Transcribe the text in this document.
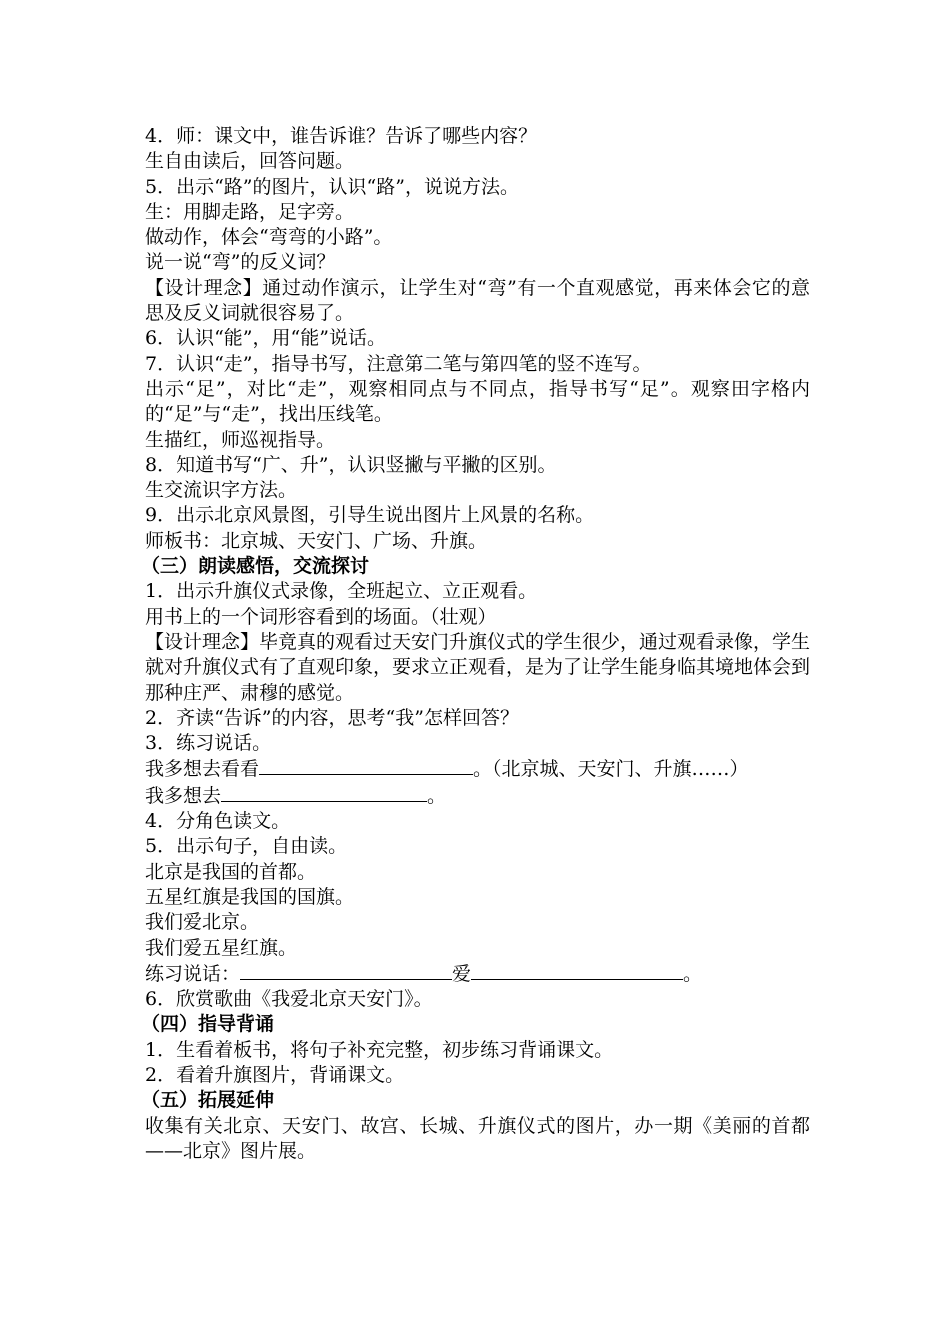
4．师：课文中，谁告诉谁？告诉了哪些内容？

生自由读后，回答问题。

5．出示“路”的图片，认识“路”，说说方法。

生：用脚走路，足字旁。

做动作，体会“弯弯的小路”。

说一说“弯”的反义词？

【设计理念】通过动作演示，让学生对“弯”有一个直观感觉，再来体会它的意思及反义词就很容易了。

6．认识“能”，用“能”说话。

7．认识“走”，指导书写，注意第二笔与第四笔的竖不连写。

出示“足”，对比“走”，观察相同点与不同点，指导书写“足”。观察田字格内的“足”与“走”，找出压线笔。

生描红，师巡视指导。

8．知道书写“广、升”，认识竖撇与平撇的区别。

生交流识字方法。

9．出示北京风景图，引导生说出图片上风景的名称。

师板书：北京城、天安门、广场、升旗。

（三）朗读感悟，交流探讨

1．出示升旗仪式录像，全班起立、立正观看。

用书上的一个词形容看到的场面。（壮观）

【设计理念】毕竟真的观看过天安门升旗仪式的学生很少，通过观看录像，学生就对升旗仪式有了直观印象，要求立正观看，是为了让学生能身临其境地体会到那种庄严、肃穆的感觉。

2．齐读“告诉”的内容，思考“我”怎样回答？

3．练习说话。

我多想去看看	。（北京城、天安门、升旗……）

我多想去	。

4．分角色读文。

5．出示句子，自由读。

北京是我国的首都。

五星红旗是我国的国旗。

我们爱北京。

我们爱五星红旗。

练习说话：	爱	。

6．欣赏歌曲《我爱北京天安门》。

（四）指导背诵

1．生看着板书，将句子补充完整，初步练习背诵课文。

2．看着升旗图片，背诵课文。

（五）拓展延伸

收集有关北京、天安门、故宫、长城、升旗仪式的图片，办一期《美丽的首都——北京》图片展。
